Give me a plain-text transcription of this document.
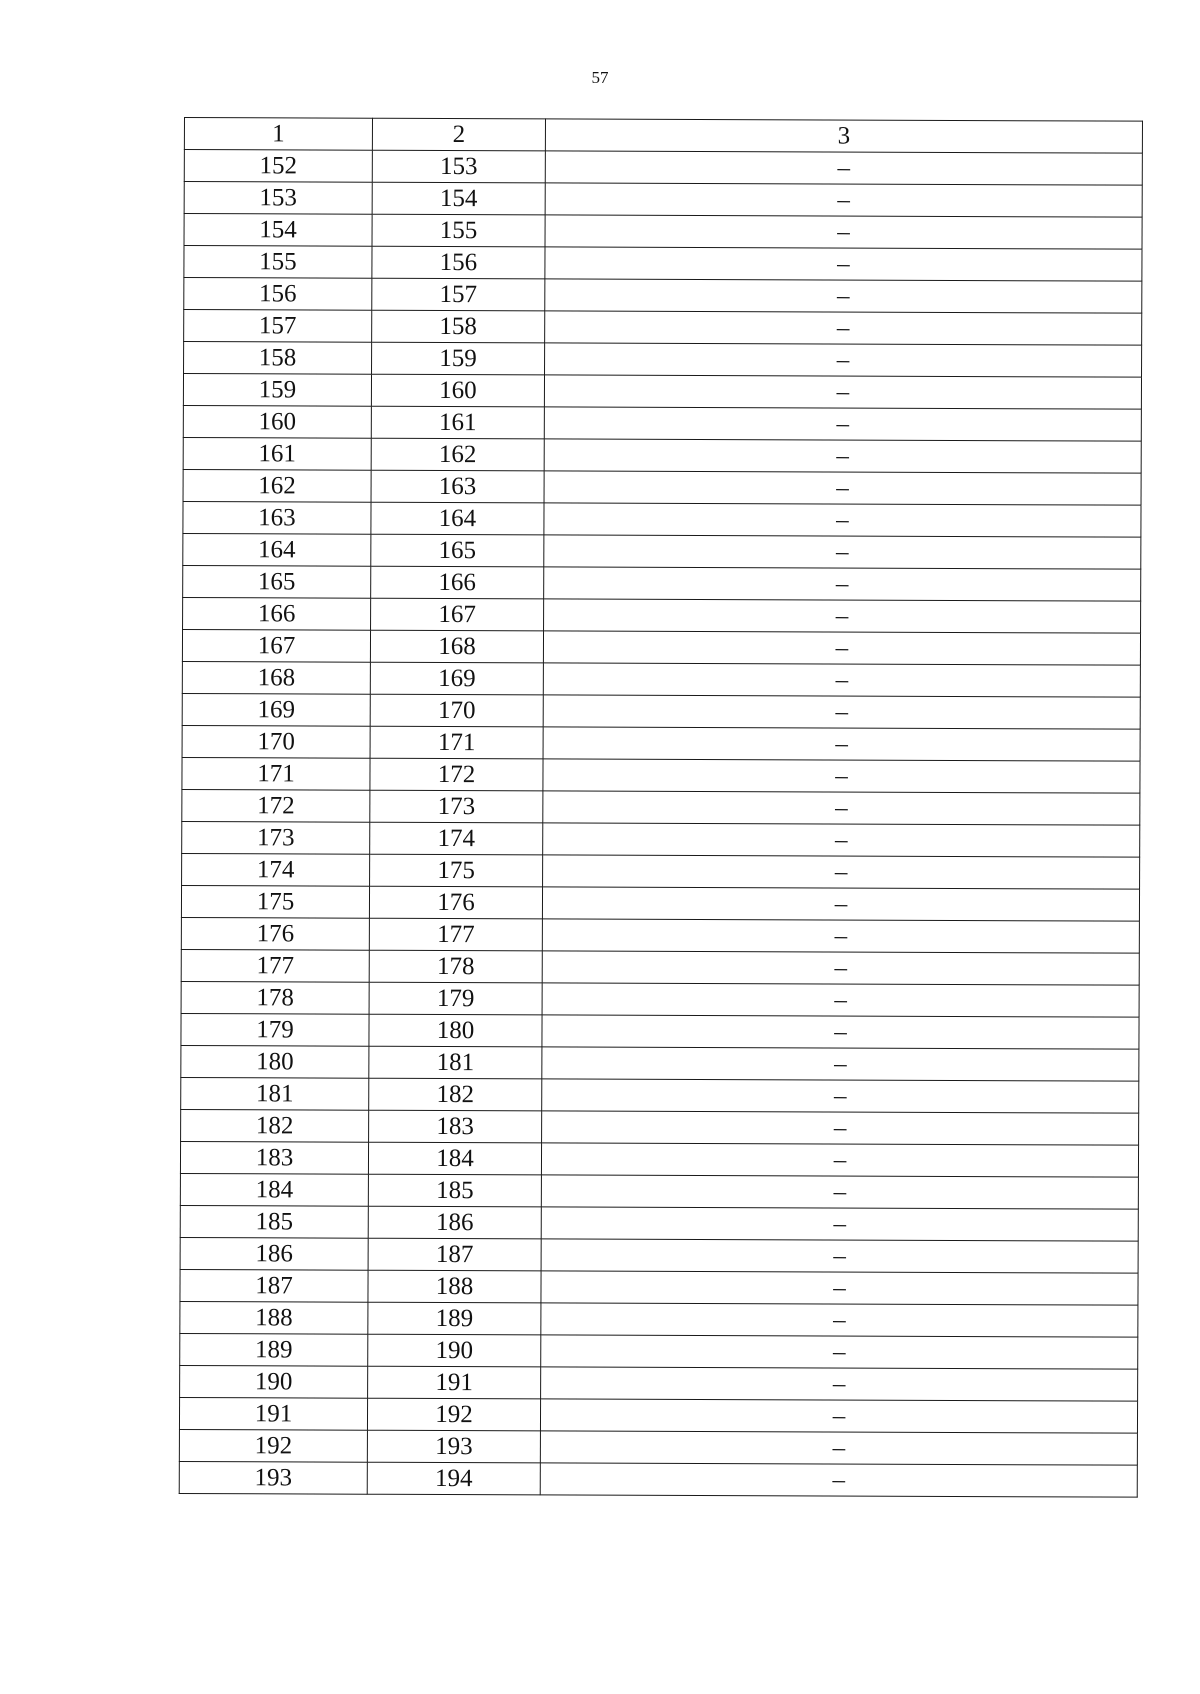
57
1	2	3
152	153	–
153	154	–
154	155	–
155	156	–
156	157	–
157	158	–
158	159	–
159	160	–
160	161	–
161	162	–
162	163	–
163	164	–
164	165	–
165	166	–
166	167	–
167	168	–
168	169	–
169	170	–
170	171	–
171	172	–
172	173	–
173	174	–
174	175	–
175	176	–
176	177	–
177	178	–
178	179	–
179	180	–
180	181	–
181	182	–
182	183	–
183	184	–
184	185	–
185	186	–
186	187	–
187	188	–
188	189	–
189	190	–
190	191	–
191	192	–
192	193	–
193	194	–
